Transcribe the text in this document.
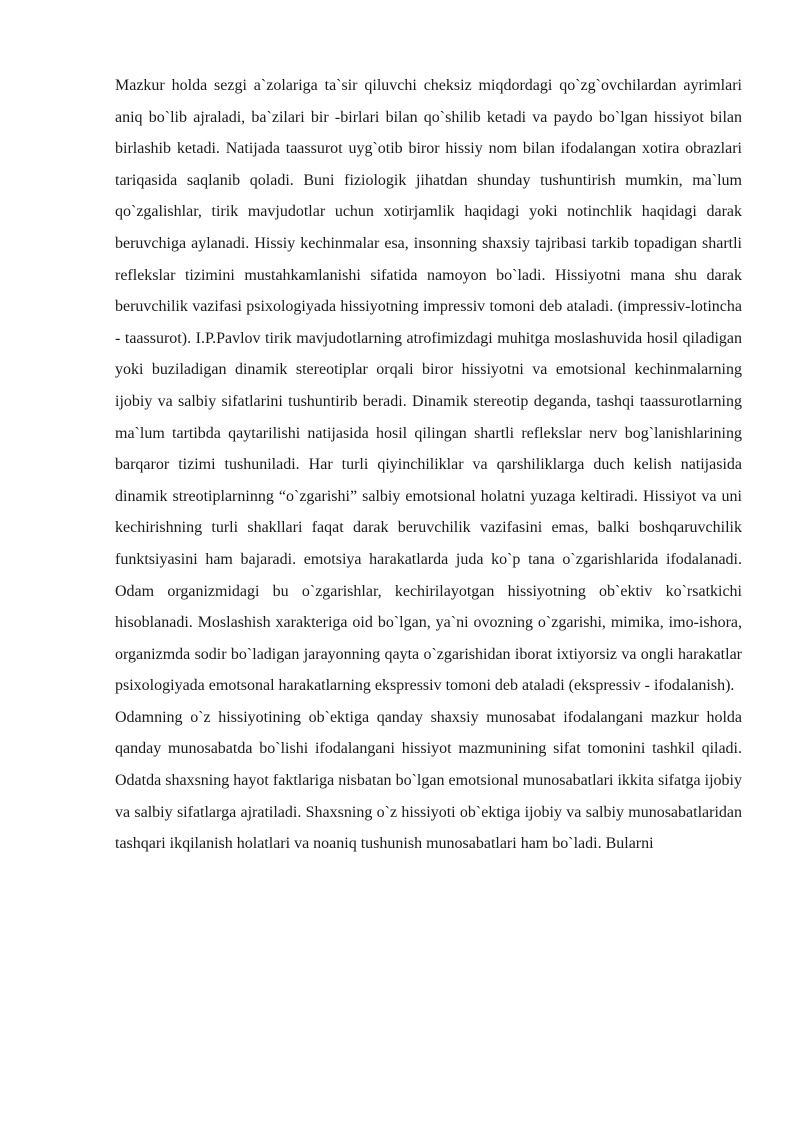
Mazkur holda sezgi a`zolariga ta`sir qiluvchi cheksiz miqdordagi qo`zg`ovchilardan ayrimlari aniq bo`lib ajraladi, ba`zilari bir -birlari bilan qo`shilib ketadi va paydo bo`lgan hissiyot bilan birlashib ketadi. Natijada taassurot uyg`otib biror hissiy nom bilan ifodalangan xotira obrazlari tariqasida saqlanib qoladi. Buni fiziologik jihatdan shunday tushuntirish mumkin, ma`lum qo`zgalishlar, tirik mavjudotlar uchun xotirjamlik haqidagi yoki notinchlik haqidagi darak beruvchiga aylanadi. Hissiy kechinmalar esa, insonning shaxsiy tajribasi tarkib topadigan shartli reflekslar tizimini mustahkamlanishi sifatida namoyon bo`ladi. Hissiyotni mana shu darak beruvchilik vazifasi psixologiyada hissiyotning impressiv tomoni deb ataladi. (impressiv-lotincha - taassurot). I.P.Pavlov tirik mavjudotlarning atrofimizdagi muhitga moslashuvida hosil qiladigan yoki buziladigan dinamik stereotiplar orqali biror hissiyotni va emotsional kechinmalarning ijobiy va salbiy sifatlarini tushuntirib beradi. Dinamik stereotip deganda, tashqi taassurotlarning ma`lum tartibda qaytarilishi natijasida hosil qilingan shartli reflekslar nerv bog`lanishlarining barqaror tizimi tushuniladi. Har turli qiyinchiliklar va qarshiliklarga duch kelish natijasida dinamik streotiplarninng “o`zgarishi” salbiy emotsional holatni yuzaga keltiradi. Hissiyot va uni kechirishning turli shakllari faqat darak beruvchilik vazifasini emas, balki boshqaruvchilik funktsiyasini ham bajaradi. emotsiya harakatlarda juda ko`p tana o`zgarishlarida ifodalanadi. Odam organizmidagi bu o`zgarishlar, kechirilayotgan hissiyotning ob`ektiv ko`rsatkichi hisoblanadi. Moslashish xarakteriga oid bo`lgan, ya`ni ovozning o`zgarishi, mimika, imo-ishora, organizmda sodir bo`ladigan jarayonning qayta o`zgarishidan iborat ixtiyorsiz va ongli harakatlar psixologiyada emotsonal harakatlarning ekspressiv tomoni deb ataladi (ekspressiv - ifodalanish).

Odamning o`z hissiyotining ob`ektiga qanday shaxsiy munosabat ifodalangani mazkur holda qanday munosabatda bo`lishi ifodalangani hissiyot mazmunining sifat tomonini tashkil qiladi. Odatda shaxsning hayot faktlariga nisbatan bo`lgan emotsional munosabatlari ikkita sifatga ijobiy va salbiy sifatlarga ajratiladi. Shaxsning o`z hissiyoti ob`ektiga ijobiy va salbiy munosabatlaridan tashqari ikqilanish holatlari va noaniq tushunish munosabatlari ham bo`ladi. Bularni
